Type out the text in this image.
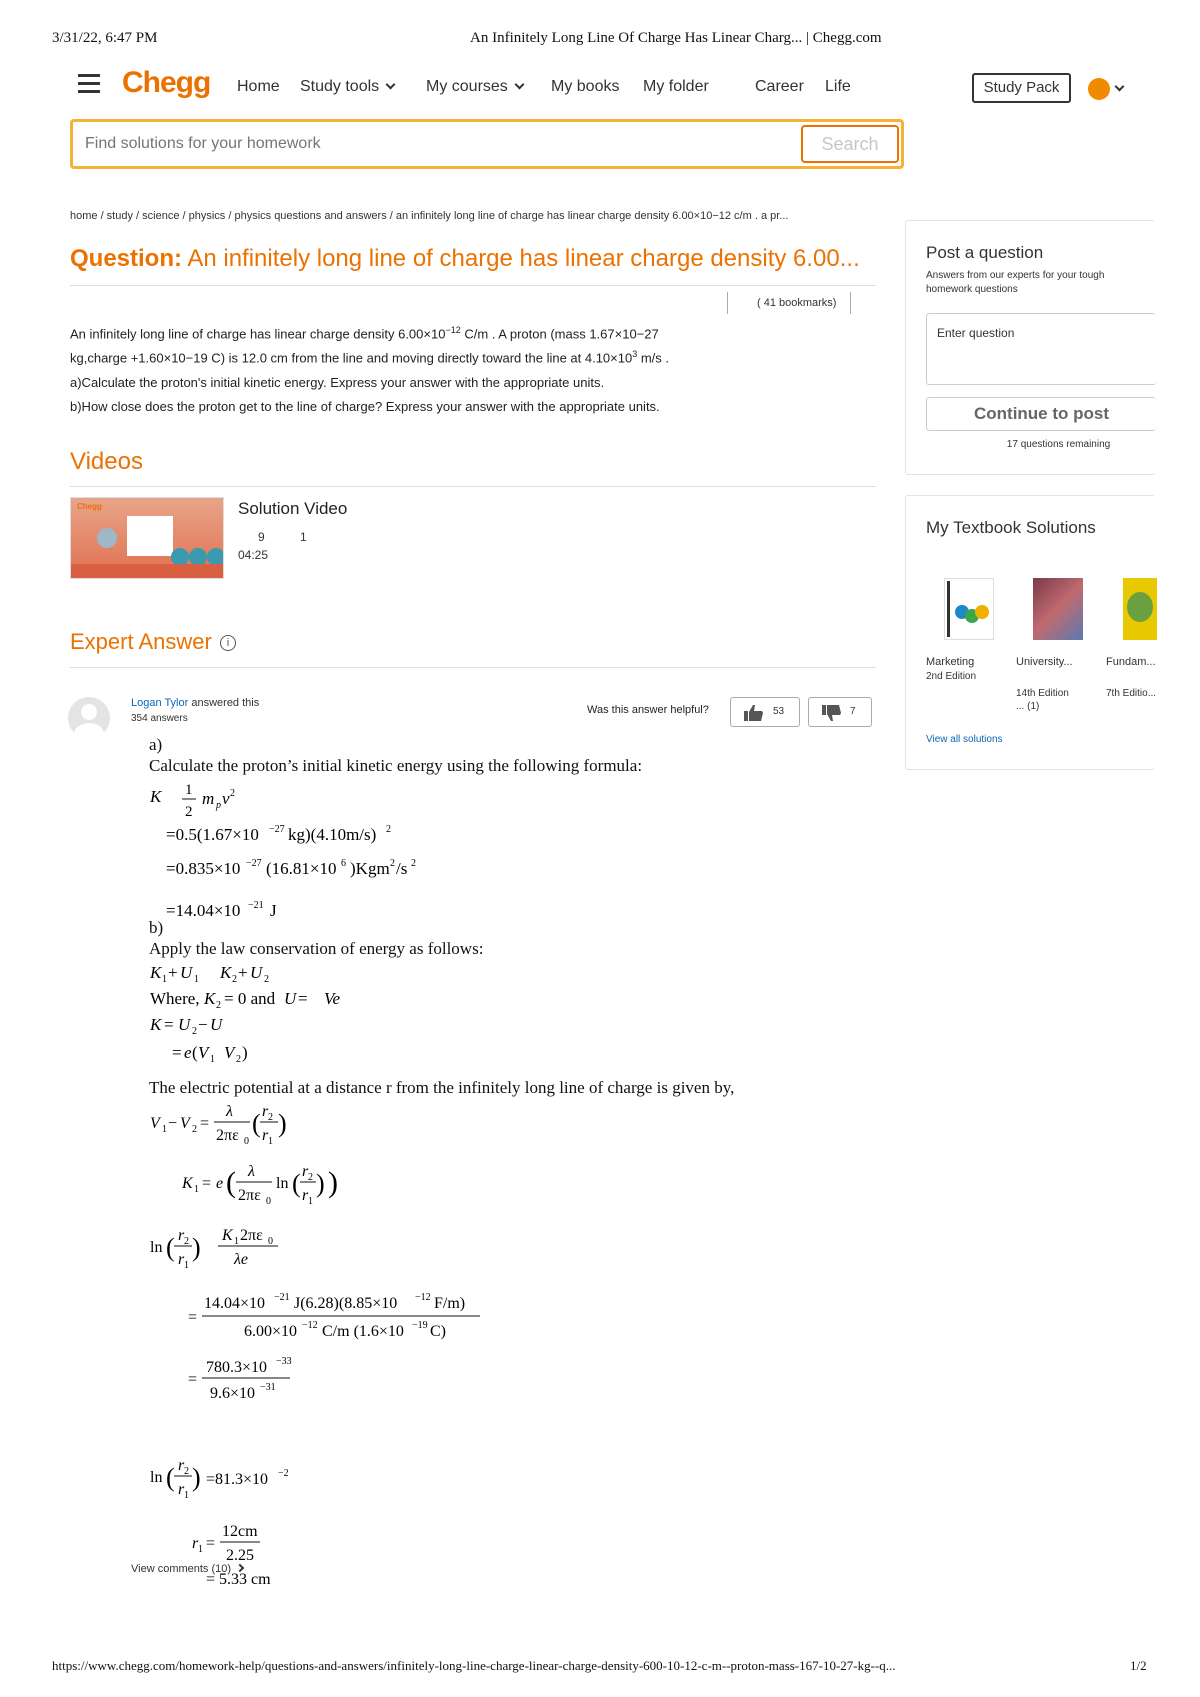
3/31/22, 6:47 PM	An Infinitely Long Line Of Charge Has Linear Charg... | Chegg.com
Chegg Home Study tools	My courses	My books My folder	Career Life	Study Pack
Find solutions for your homework
Search
home / study / science / physics / physics questions and answers / an infinitely long line of charge has linear charge density 6.00×10−12 c/m . a pr...
Question: An infinitely long line of charge has linear charge density 6.00...
( 41 bookmarks)
An infinitely long line of charge has linear charge density $6.00\times 10^{-12}$ C/m . A proton (mass 1.67×10−27
kg,charge +1.60×10−19 C) is 12.0 cm from the line and moving directly toward the line at $4.10\times 10^3$ m/s .
a)Calculate the proton's initial kinetic energy. Express your answer with the appropriate units.
b)How close does the proton get to the line of charge? Express your answer with the appropriate units.
Videos
Chegg	Solution Video
9	1
04:25
Expert Answer i
Logan Tylor answered this
354 answers
Was this answer helpful?	53	7
a)
Calculate the proton’s initial kinetic energy using the following formula:
K 1
2
m p v 2
=0.5(1.67×10 −27 kg)(4.10m/s) 2
=0.835×10 −27 (16.81×10 6 )Kgm 2 /s 2
=14.04×10 −21 J
b)
Apply the law conservation of energy as follows:
K 1 + U 1 K 2 + U 2
Where, K 2 = 0 and U = Ve
K = U 2 − U
= e ( V 1 V 2 )
The electric potential at a distance r from the infinitely long line of charge is given by,
V 1 − V 2 =
λ
2πε 0
( r 2
r 1
)
K 1 = e ( λ
2πε 0
ln ( r 2
r 1
) )
ln ( r 2
r 1
) K 1 2πε 0
λe
14.04×10 −21 J(6.28)(8.85×10 −12 F/m)
=
6.00×10 −12 C/m (1.6×10 −19 C)
=
780.3×10 −33
9.6×10 −31
ln ( r 2
r 1
) =81.3×10 −2
r 1 =
12cm
2.25
= 5.33 cm
View comments (10)
Post a question
Answers from our experts for your tough homework questions
Enter question
Continue to post
17 questions remaining
My Textbook Solutions
Marketing
2nd Edition
University...
14th Edition
... (1)
Fundam...
7th Editio...
View all solutions
https://www.chegg.com/homework-help/questions-and-answers/infinitely-long-line-charge-linear-charge-density-600-10-12-c-m--proton-mass-167-10-27-kg--q...	1/2
